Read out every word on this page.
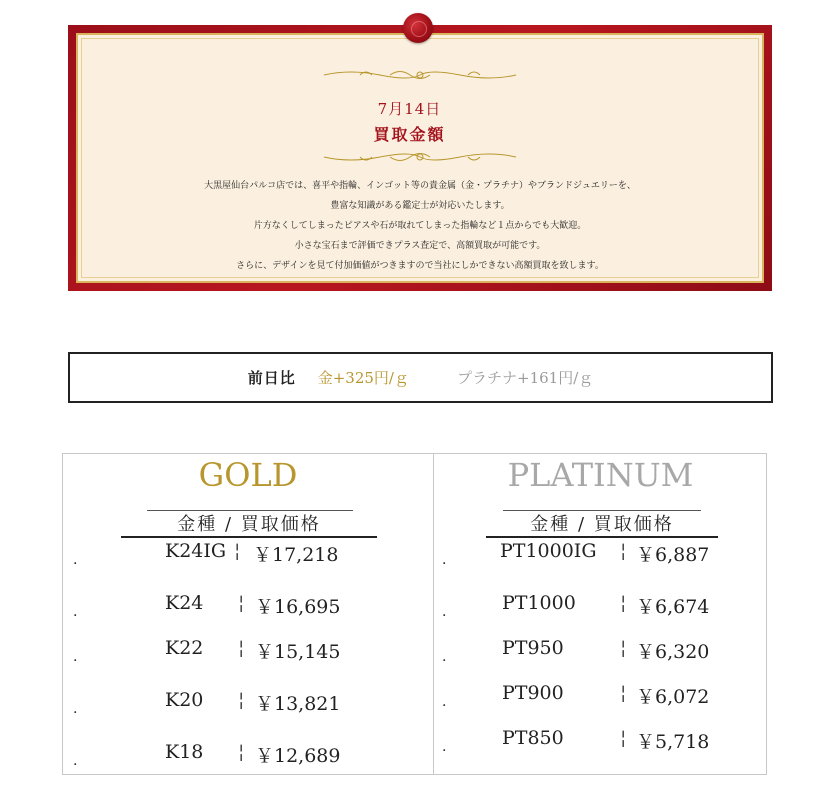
7月14日
買取金額
大黒屋仙台パルコ店では、喜平や指輪、インゴット等の貴金属（金・プラチナ）やブランドジュエリーを、
豊富な知識がある鑑定士が対応いたします。
片方なくしてしまったピアスや石が取れてしまった指輪など１点からでも大歓迎。
小さな宝石まで評価できプラス査定で、高額買取が可能です。
さらに、デザインを見て付加価値がつきますので当社にしかできない高額買取を致します。
前日比 金+325円/ｇ	プラチナ+161円/ｇ
GOLD
金種 / 買取価格
.	K24IG ¦ ￥17,218
.	K24 ¦ ￥16,695
.	K22 ¦ ￥15,145
.	K20 ¦ ￥13,821
.	K18 ¦ ￥12,689
PLATINUM
金種 / 買取価格
.	PT1000IG ¦ ￥6,887
.	PT1000 ¦ ￥6,674
.	PT950	¦ ￥6,320
.	PT900	¦ ￥6,072
.	PT850	¦ ￥5,718
